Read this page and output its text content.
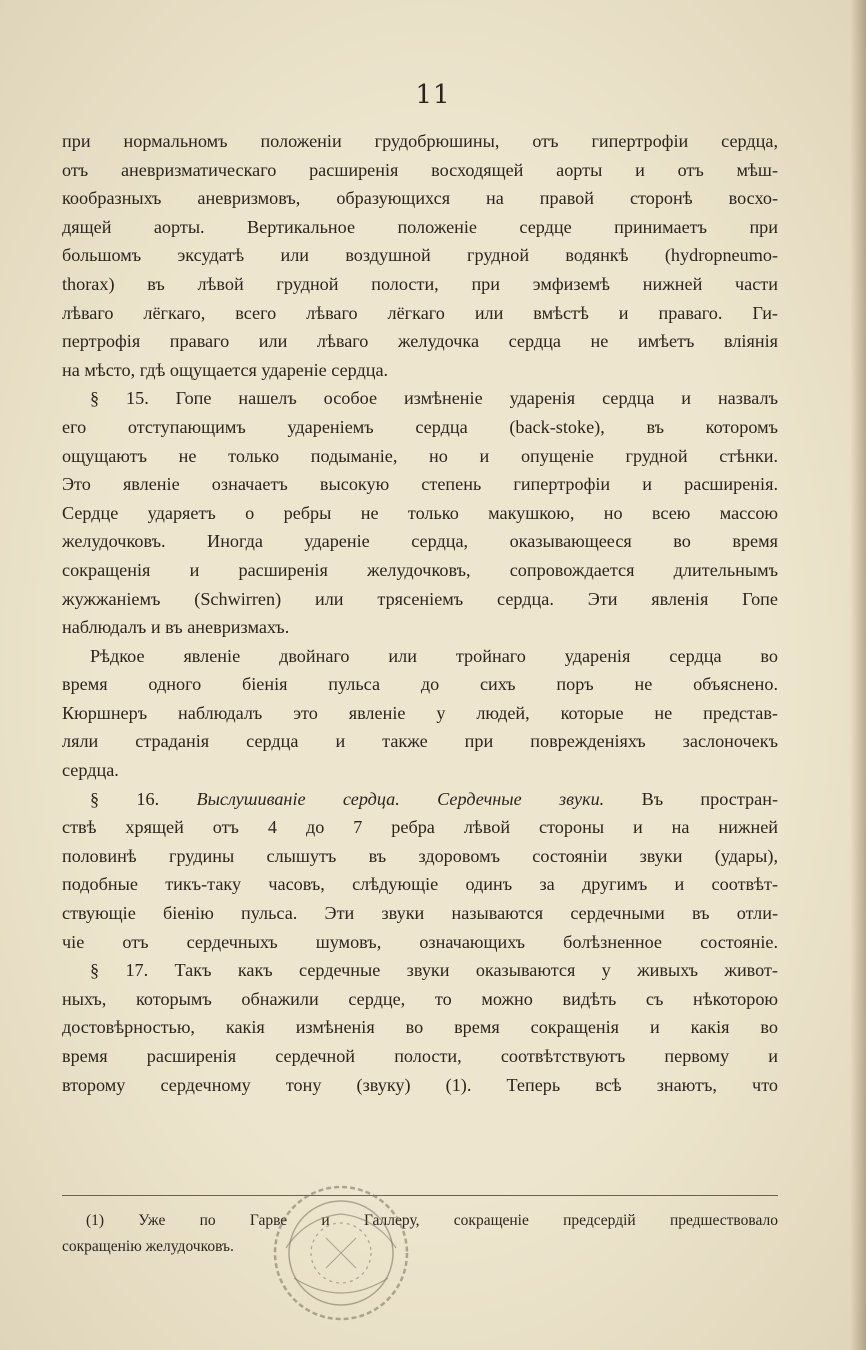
11
при нормальномъ положенiи грудобрюшины, отъ гипертрофiи сердца,
отъ аневризматическаго расширенiя восходящей аорты и отъ мѣш-
кообразныхъ аневризмовъ, образующихся на правой сторонѣ восхо-
дящей аорты. Вертикальное положенiе сердце принимаетъ при
большомъ эксудатѣ или воздушной грудной водянкѣ (hydropneumo-
thorax) въ лѣвой грудной полости, при эмфиземѣ нижней части
лѣваго лёгкаго, всего лѣваго лёгкаго или вмѣстѣ и праваго. Ги-
пертрофiя праваго или лѣваго желудочка сердца не имѣетъ влiянiя
на мѣсто, гдѣ ощущается ударенiе сердца.
§ 15. Гопе нашелъ особое измѣненiе ударенiя сердца и назвалъ
его отступающимъ ударенiемъ сердца (back-stoke), въ которомъ
ощущаютъ не только подыманiе, но и опущенiе грудной стѣнки.
Это явленiе означаетъ высокую степень гипертрофiи и расширенiя.
Сердце ударяетъ о ребры не только макушкою, но всею массою
желудочковъ. Иногда ударенiе сердца, оказывающееся во время
сокращенiя и расширенiя желудочковъ, сопровождается длительнымъ
жужжанiемъ (Schwirren) или трясенiемъ сердца. Эти явленiя Гопе
наблюдалъ и въ аневризмахъ.
Рѣдкое явленiе двойнаго или тройнаго ударенiя сердца во
время одного бiенiя пульса до сихъ поръ не объяснено.
Кюршнеръ наблюдалъ это явленiе у людей, которые не представ-
ляли страданiя сердца и также при поврежденiяхъ заслоночекъ
сердца.
§ 16. Выслушиванiе сердца. Сердечные звуки. Въ простран-
ствѣ хрящей отъ 4 до 7 ребра лѣвой стороны и на нижней
половинѣ грудины слышутъ въ здоровомъ состоянiи звуки (удары),
подобные тикъ-таку часовъ, слѣдующiе одинъ за другимъ и соотвѣт-
ствующiе бiенiю пульса. Эти звуки называются сердечными въ отли-
чiе отъ сердечныхъ шумовъ, означающихъ болѣзненное состоянiе.
§ 17. Такъ какъ сердечные звуки оказываются у живыхъ живот-
ныхъ, которымъ обнажили сердце, то можно видѣть съ нѣкоторою
достовѣрностью, какiя измѣненiя во время сокращенiя и какiя во
время расширенiя сердечной полости, соотвѣтствуютъ первому и
второму сердечному тону (звуку) (1). Теперь всѣ знаютъ, что
(1) Уже по Гарве и Галлеру, сокращенiе предсердiй предшествовало
сокращенiю желудочковъ.
